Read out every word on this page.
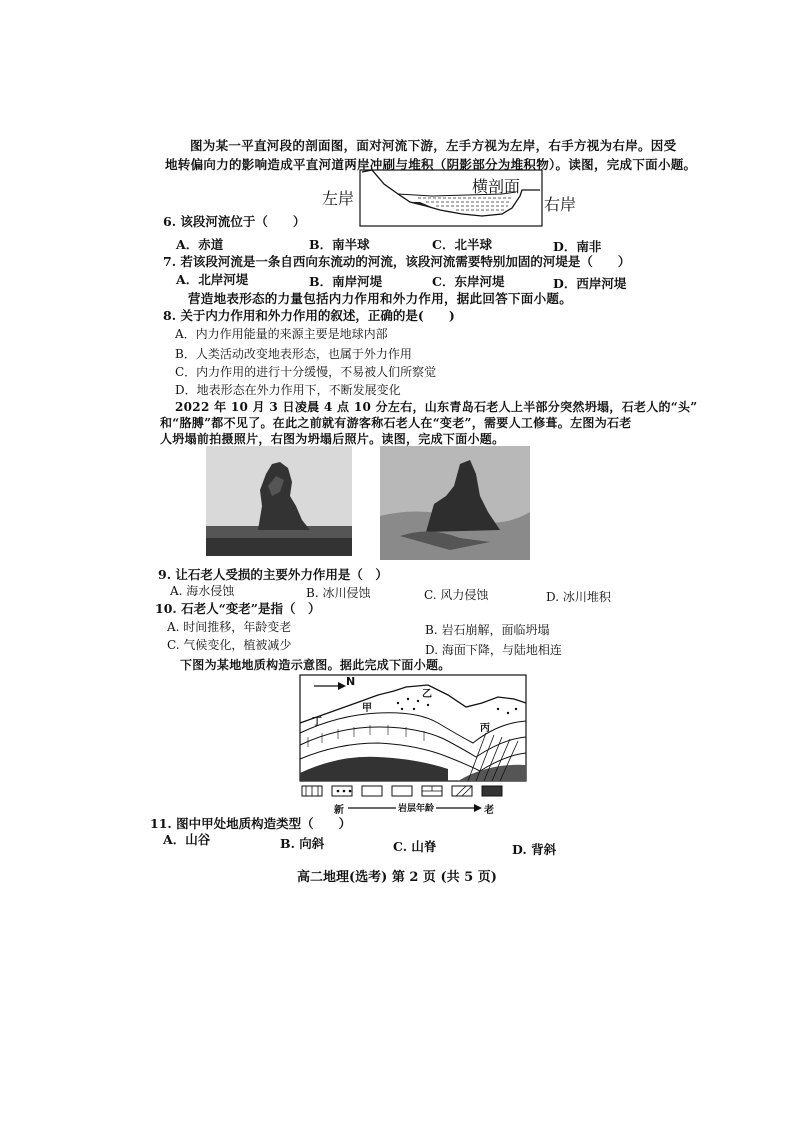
图为某一平直河段的剖面图，面对河流下游，左手方视为左岸，右手方视为右岸。因受
地转偏向力的影响造成平直河道两岸冲刷与堆积（阴影部分为堆积物）。读图，完成下面小题。
左岸
横剖面
右岸
6. 该段河流位于（　　）
A．赤道	B．南半球	C．北半球	D．南非
7. 若该段河流是一条自西向东流动的河流，该段河流需要特别加固的河堤是（　　）
A．北岸河堤	B．南岸河堤	C．东岸河堤	D．西岸河堤
营造地表形态的力量包括内力作用和外力作用，据此回答下面小题。
8. 关于内力作用和外力作用的叙述，正确的是(　　)
A．内力作用能量的来源主要是地球内部
B．人类活动改变地表形态，也属于外力作用
C．内力作用的进行十分缓慢，不易被人们所察觉
D．地表形态在外力作用下，不断发展变化
2022 年 10 月 3 日凌晨 4 点 10 分左右，山东青岛石老人上半部分突然坍塌，石老人的“头”
和“胳膊”都不见了。在此之前就有游客称石老人在“变老”，需要人工修葺。左图为石老
人坍塌前拍摄照片，右图为坍塌后照片。读图，完成下面小题。
9. 让石老人受损的主要外力作用是（　）
A. 海水侵蚀	B. 冰川侵蚀	C. 风力侵蚀	D. 冰川堆积
10. 石老人“变老”是指（　）
A. 时间推移，年龄变老	B. 岩石崩解，面临坍塌
C. 气候变化，植被减少	D. 海面下降，与陆地相连
下图为某地地质构造示意图。据此完成下面小题。
N
甲
乙
丙
丁
新	岩层年龄	老
11. 图中甲处地质构造类型（　　）
A．山谷	B. 向斜	C. 山脊	D. 背斜
高二地理(选考) 第 2 页 (共 5 页)
